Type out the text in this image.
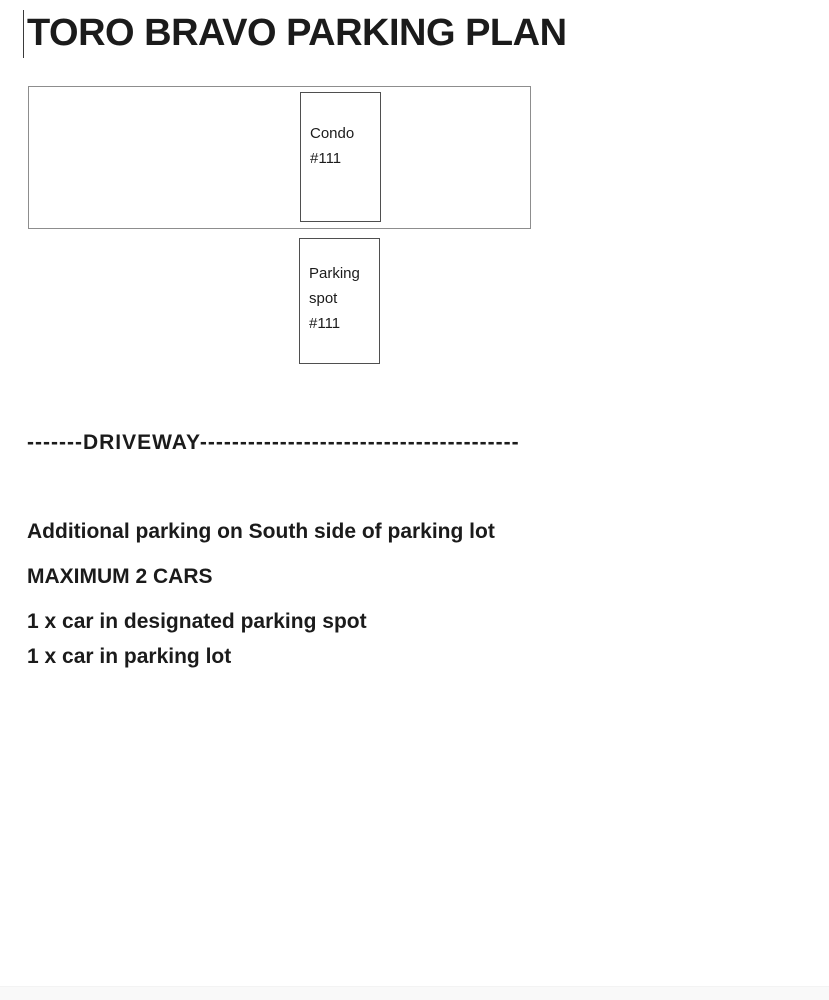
TORO BRAVO PARKING PLAN
Condo
#111
Parking
spot
#111
-------DRIVEWAY----------------------------------------

Additional parking on South side of parking lot

MAXIMUM 2 CARS

1 x car in designated parking spot

1 x car in parking lot
